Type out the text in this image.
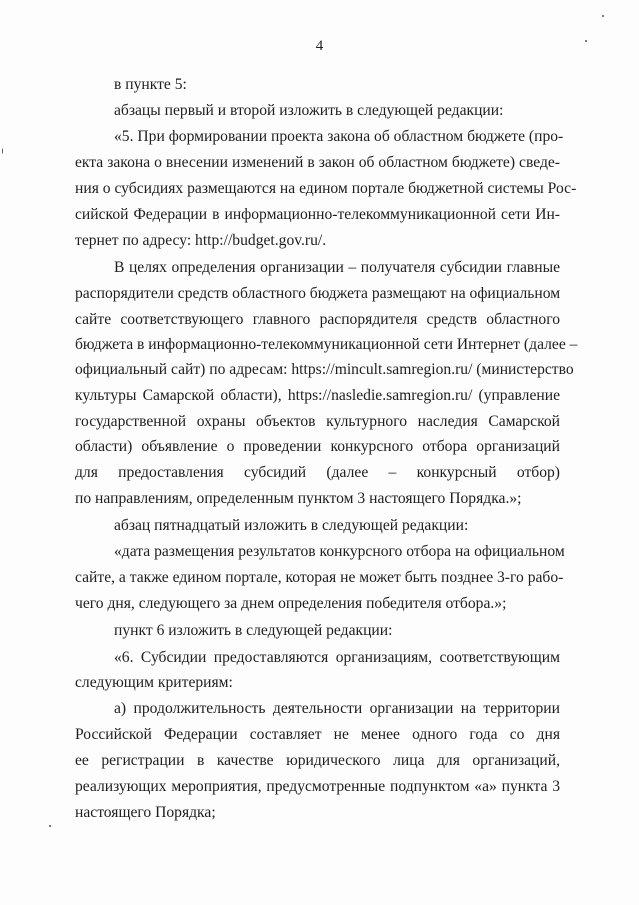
4
в пункте 5:
абзацы первый и второй изложить в следующей редакции:
«5. При формировании проекта закона об областном бюджете (про-
екта закона о внесении изменений в закон об областном бюджете) сведе-
ния о субсидиях размещаются на едином портале бюджетной системы Рос-
сийской Федерации в информационно-телекоммуникационной сети Ин-
тернет по адресу: http://budget.gov.ru/.
В целях определения организации – получателя субсидии главные
распорядители средств областного бюджета размещают на официальном
сайте соответствующего главного распорядителя средств областного
бюджета в информационно-телекоммуникационной сети Интернет (далее –
официальный сайт) по адресам: https://mincult.samregion.ru/ (министерство
культуры Самарской области), https://nasledie.samregion.ru/ (управление
государственной охраны объектов культурного наследия Самарской
области) объявление о проведении конкурсного отбора организаций
для предоставления субсидий (далее – конкурсный отбор)
по направлениям, определенным пунктом 3 настоящего Порядка.»;
абзац пятнадцатый изложить в следующей редакции:
«дата размещения результатов конкурсного отбора на официальном
сайте, а также едином портале, которая не может быть позднее 3-го рабо-
чего дня, следующего за днем определения победителя отбора.»;
пункт 6 изложить в следующей редакции:
«6. Субсидии предоставляются организациям, соответствующим
следующим критериям:
а) продолжительность деятельности организации на территории
Российской Федерации составляет не менее одного года со дня
ее регистрации в качестве юридического лица для организаций,
реализующих мероприятия, предусмотренные подпунктом «а» пункта 3
настоящего Порядка;
